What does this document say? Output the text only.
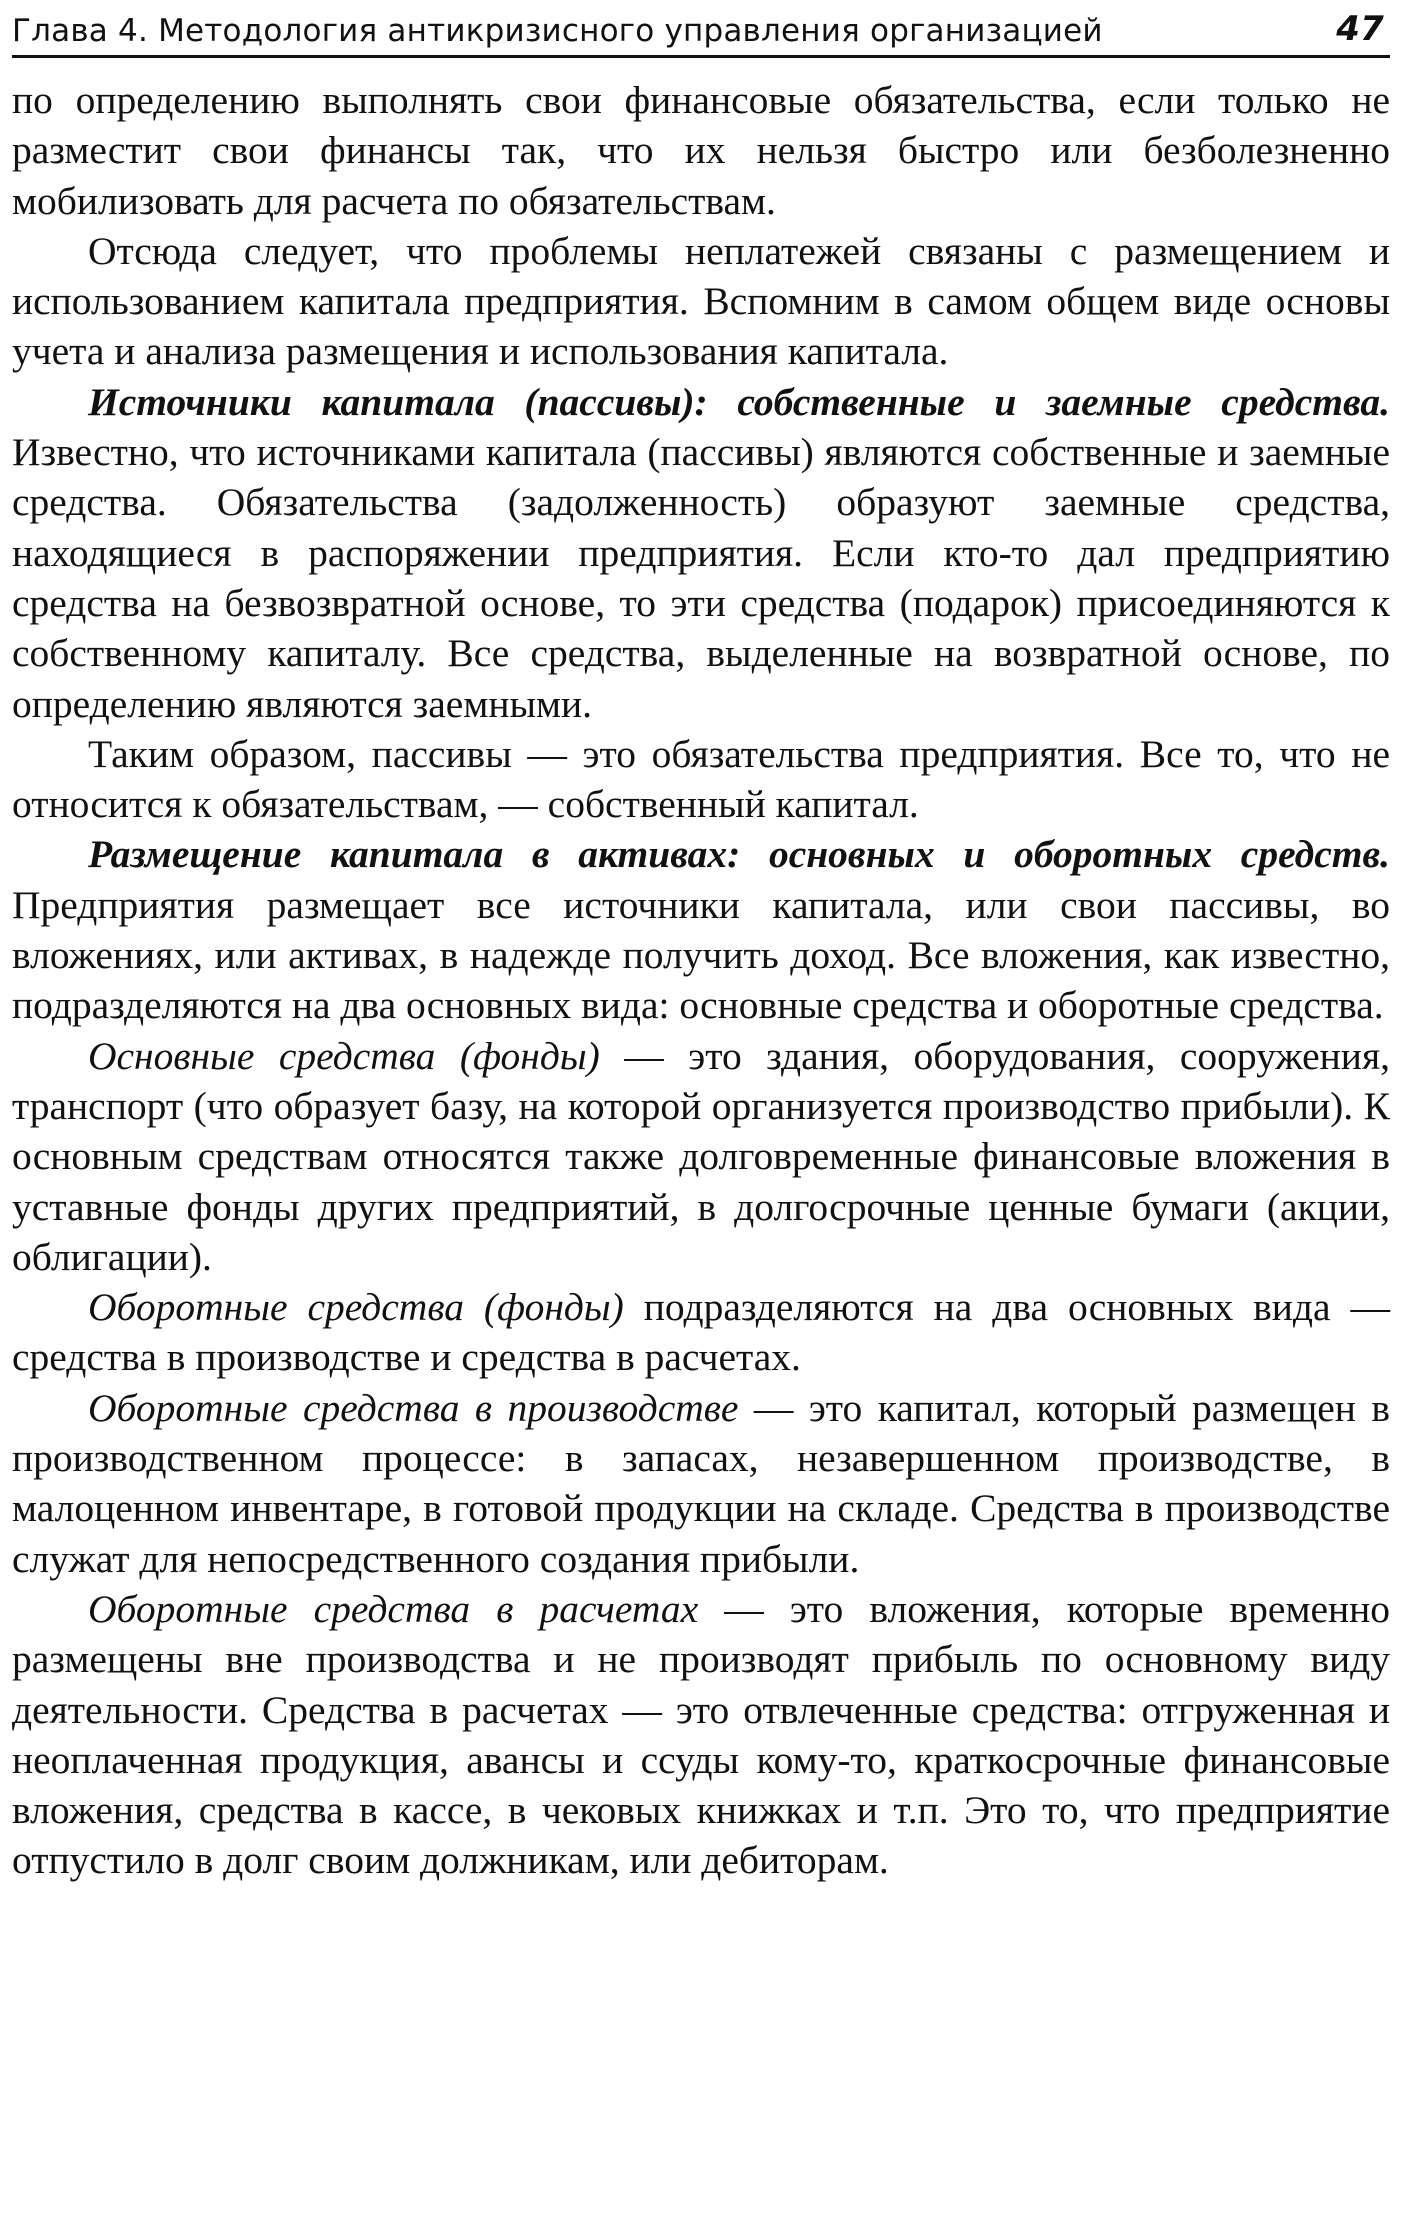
Глава 4. Методология антикризисного управления организацией	47

по определению выполнять свои финансовые обязательства, если только не разместит свои финансы так, что их нельзя быстро или безболезненно мобилизовать для расчета по обязательствам.

Отсюда следует, что проблемы неплатежей связаны с размещением и использованием капитала предприятия. Вспомним в самом общем виде основы учета и анализа размещения и использования капитала.

Источники капитала (пассивы): собственные и заемные средства. Известно, что источниками капитала (пассивы) являются собственные и заемные средства. Обязательства (задолженность) образуют заемные средства, находящиеся в распоряжении предприятия. Если кто-то дал предприятию средства на безвозвратной основе, то эти средства (подарок) присоединяются к собственному капиталу. Все средства, выделенные на возвратной основе, по определению являются заемными.

Таким образом, пассивы — это обязательства предприятия. Все то, что не относится к обязательствам, — собственный капитал.

Размещение капитала в активах: основных и оборотных средств. Предприятия размещает все источники капитала, или свои пассивы, во вложениях, или активах, в надежде получить доход. Все вложения, как известно, подразделяются на два основных вида: основные средства и оборотные средства.

Основные средства (фонды) — это здания, оборудования, сооружения, транспорт (что образует базу, на которой организуется производство прибыли). К основным средствам относятся также долговременные финансовые вложения в уставные фонды других предприятий, в долгосрочные ценные бумаги (акции, облигации).

Оборотные средства (фонды) подразделяются на два основных вида — средства в производстве и средства в расчетах.

Оборотные средства в производстве — это капитал, который размещен в производственном процессе: в запасах, незавершенном производстве, в малоценном инвентаре, в готовой продукции на складе. Средства в производстве служат для непосредственного создания прибыли.

Оборотные средства в расчетах — это вложения, которые временно размещены вне производства и не производят прибыль по основному виду деятельности. Средства в расчетах — это отвлеченные средства: отгруженная и неоплаченная продукция, авансы и ссуды кому-то, краткосрочные финансовые вложения, средства в кассе, в чековых книжках и т.п. Это то, что предприятие отпустило в долг своим должникам, или дебиторам.
